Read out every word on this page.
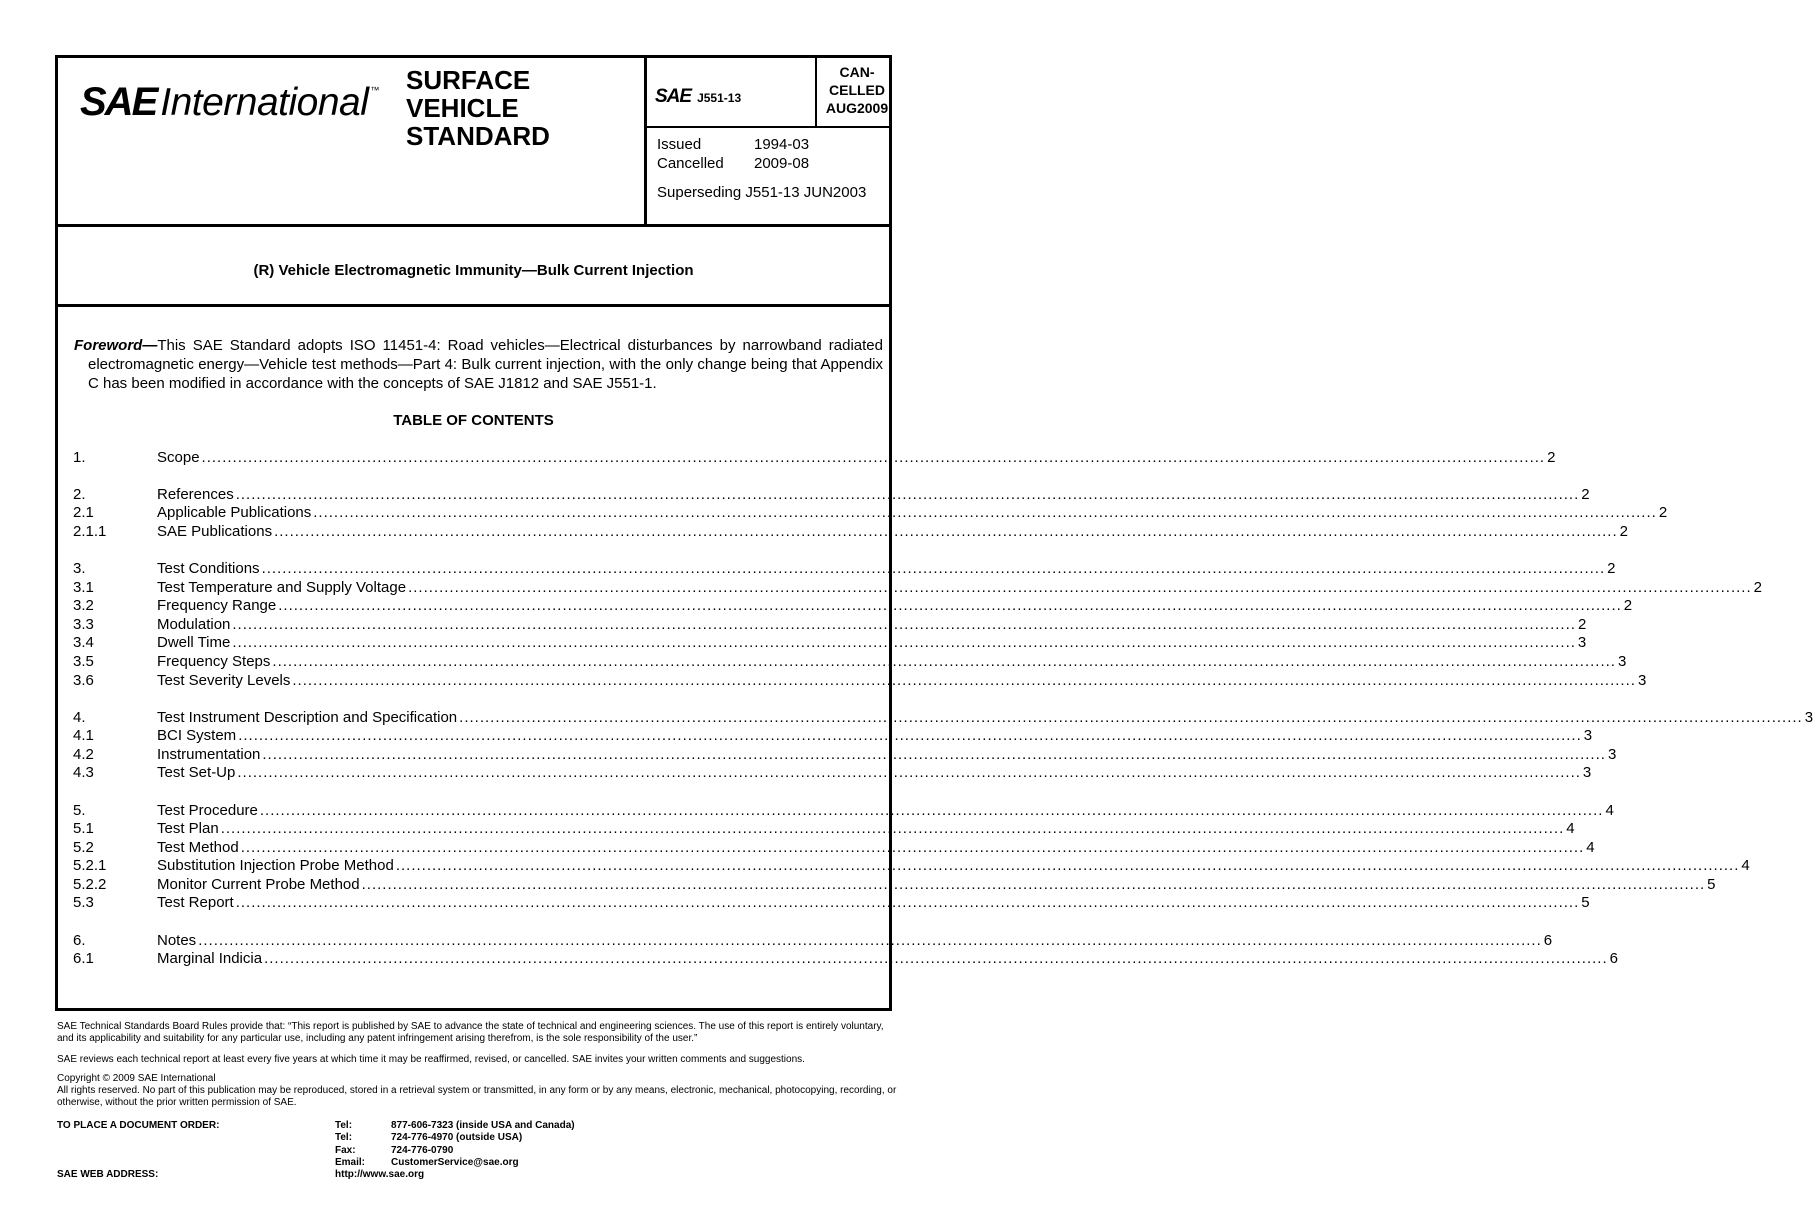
SAE International ™ SURFACE
VEHICLE
STANDARD
SAE J551-13
CAN-
CELLED
AUG2009
Issued	1994-03
Cancelled	2009-08
Superseding J551-13 JUN2003
(R) Vehicle Electromagnetic Immunity—Bulk Current Injection
Foreword—This SAE Standard adopts ISO 11451-4: Road vehicles—Electrical disturbances by narrowband radiated electromagnetic energy—Vehicle test methods—Part 4: Bulk current injection, with the only change being that Appendix C has been modified in accordance with the concepts of SAE J1812 and SAE J551-1.
TABLE OF CONTENTS
1.	Scope .................................................................................................................................................................................................................................................................... 2
2.	References .................................................................................................................................................................................................................................................................... 2
2.1	Applicable Publications .................................................................................................................................................................................................................................................................... 2
2.1.1	SAE Publications .................................................................................................................................................................................................................................................................... 2
3.	Test Conditions .................................................................................................................................................................................................................................................................... 2
3.1	Test Temperature and Supply Voltage .................................................................................................................................................................................................................................................................... 2
3.2	Frequency Range .................................................................................................................................................................................................................................................................... 2
3.3	Modulation .................................................................................................................................................................................................................................................................... 2
3.4	Dwell Time .................................................................................................................................................................................................................................................................... 3
3.5	Frequency Steps .................................................................................................................................................................................................................................................................... 3
3.6	Test Severity Levels .................................................................................................................................................................................................................................................................... 3
4.	Test Instrument Description and Specification .................................................................................................................................................................................................................................................................... 3
4.1	BCI System .................................................................................................................................................................................................................................................................... 3
4.2	Instrumentation .................................................................................................................................................................................................................................................................... 3
4.3	Test Set-Up .................................................................................................................................................................................................................................................................... 3
5.	Test Procedure .................................................................................................................................................................................................................................................................... 4
5.1	Test Plan .................................................................................................................................................................................................................................................................... 4
5.2	Test Method .................................................................................................................................................................................................................................................................... 4
5.2.1	Substitution Injection Probe Method .................................................................................................................................................................................................................................................................... 4
5.2.2	Monitor Current Probe Method .................................................................................................................................................................................................................................................................... 5
5.3	Test Report .................................................................................................................................................................................................................................................................... 5
6.	Notes .................................................................................................................................................................................................................................................................... 6
6.1	Marginal Indicia .................................................................................................................................................................................................................................................................... 6
SAE Technical Standards Board Rules provide that: “This report is published by SAE to advance the state of technical and engineering sciences. The use of this report is entirely voluntary, and its applicability and suitability for any particular use, including any patent infringement arising therefrom, is the sole responsibility of the user.”
SAE reviews each technical report at least every five years at which time it may be reaffirmed, revised, or cancelled. SAE invites your written comments and suggestions.
Copyright © 2009 SAE International
All rights reserved. No part of this publication may be reproduced, stored in a retrieval system or transmitted, in any form or by any means, electronic, mechanical, photocopying, recording, or otherwise, without the prior written permission of SAE.
TO PLACE A DOCUMENT ORDER:
SAE WEB ADDRESS:
Tel:	877-606-7323 (inside USA and Canada)
Tel:	724-776-4970 (outside USA)
Fax:	724-776-0790
Email:	CustomerService@sae.org
http://www.sae.org
